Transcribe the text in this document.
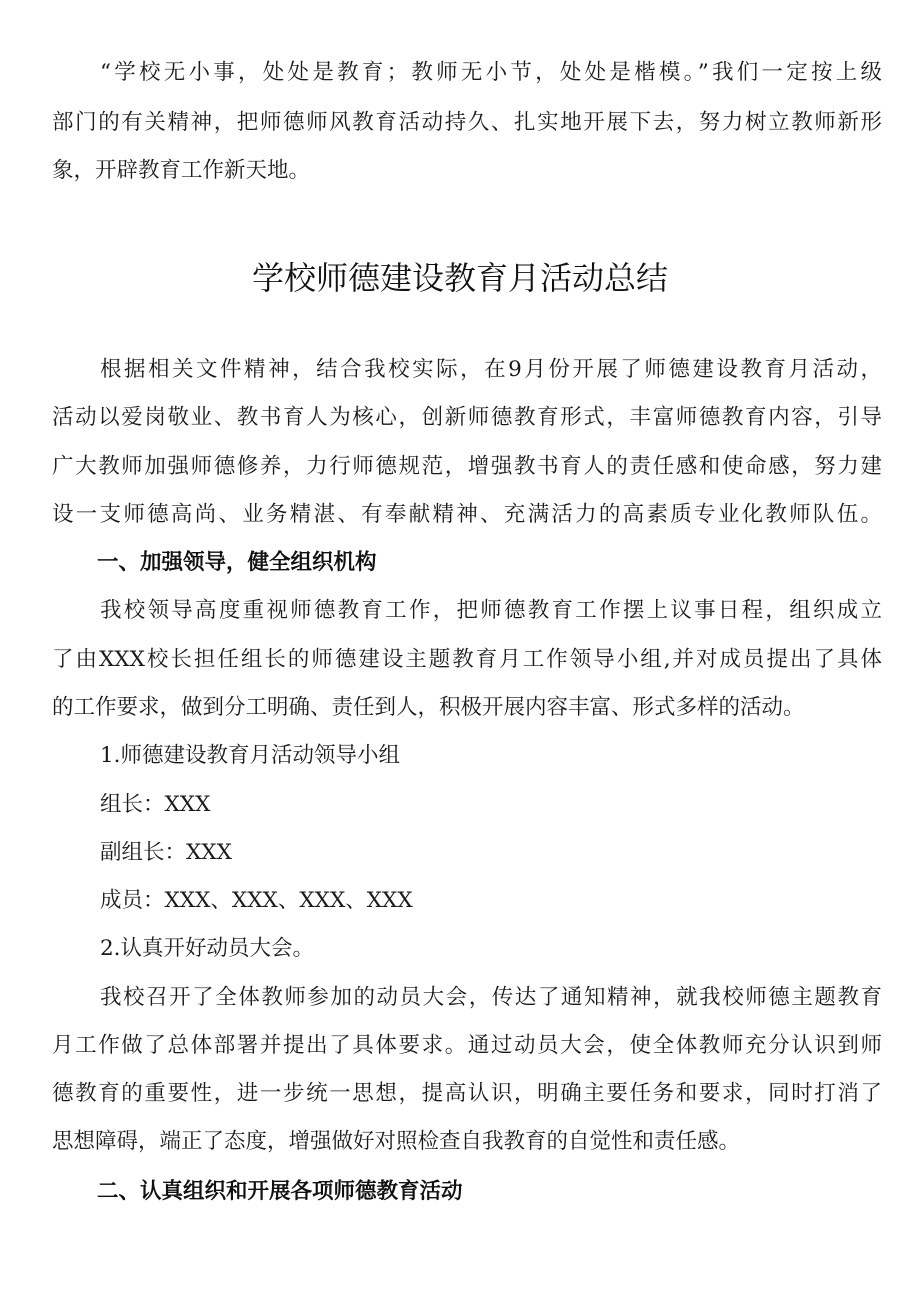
“学校无小事，处处是教育；教师无小节，处处是楷模。”我们一定按上级
部门的有关精神，把师德师风教育活动持久、扎实地开展下去，努力树立教师新形
象，开辟教育工作新天地。
学校师德建设教育月活动总结
根据相关文件精神，结合我校实际，在9月份开展了师德建设教育月活动，
活动以爱岗敬业、教书育人为核心，创新师德教育形式，丰富师德教育内容，引导
广大教师加强师德修养，力行师德规范，增强教书育人的责任感和使命感，努力建
设一支师德高尚、业务精湛、有奉献精神、充满活力的高素质专业化教师队伍。
一、加强领导，健全组织机构
我校领导高度重视师德教育工作，把师德教育工作摆上议事日程，组织成立
了由XXX校长担任组长的师德建设主题教育月工作领导小组,并对成员提出了具体
的工作要求，做到分工明确、责任到人，积极开展内容丰富、形式多样的活动。
1.师德建设教育月活动领导小组
组长：XXX
副组长：XXX
成员：XXX、XXX、XXX、XXX
2.认真开好动员大会。
我校召开了全体教师参加的动员大会，传达了通知精神，就我校师德主题教育
月工作做了总体部署并提出了具体要求。通过动员大会，使全体教师充分认识到师
德教育的重要性，进一步统一思想，提高认识，明确主要任务和要求，同时打消了
思想障碍，端正了态度，增强做好对照检查自我教育的自觉性和责任感。
二、认真组织和开展各项师德教育活动
